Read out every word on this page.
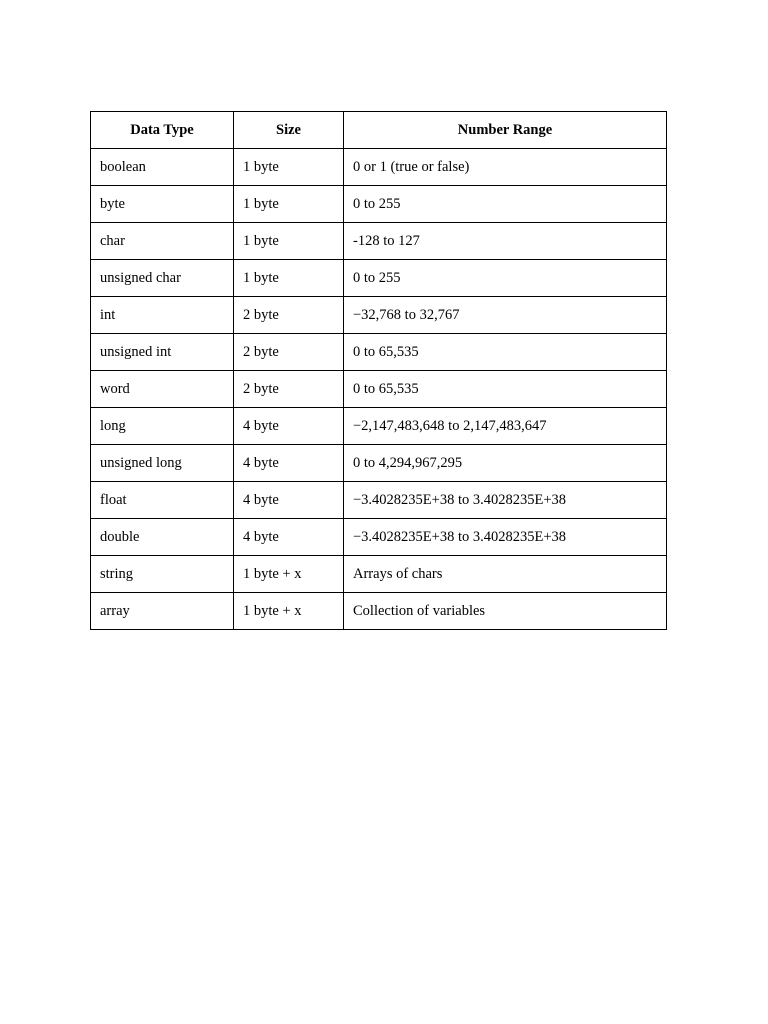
Data Type	Size	Number Range
boolean	1 byte	0 or 1 (true or false)
byte	1 byte	0 to 255
char	1 byte	-128 to 127
unsigned char	1 byte	0 to 255
int	2 byte	−32,768 to 32,767
unsigned int	2 byte	0 to 65,535
word	2 byte	0 to 65,535
long	4 byte	−2,147,483,648 to 2,147,483,647
unsigned long	4 byte	0 to 4,294,967,295
float	4 byte	−3.4028235E+38 to 3.4028235E+38
double	4 byte	−3.4028235E+38 to 3.4028235E+38
string	1 byte + x	Arrays of chars
array	1 byte + x	Collection of variables
